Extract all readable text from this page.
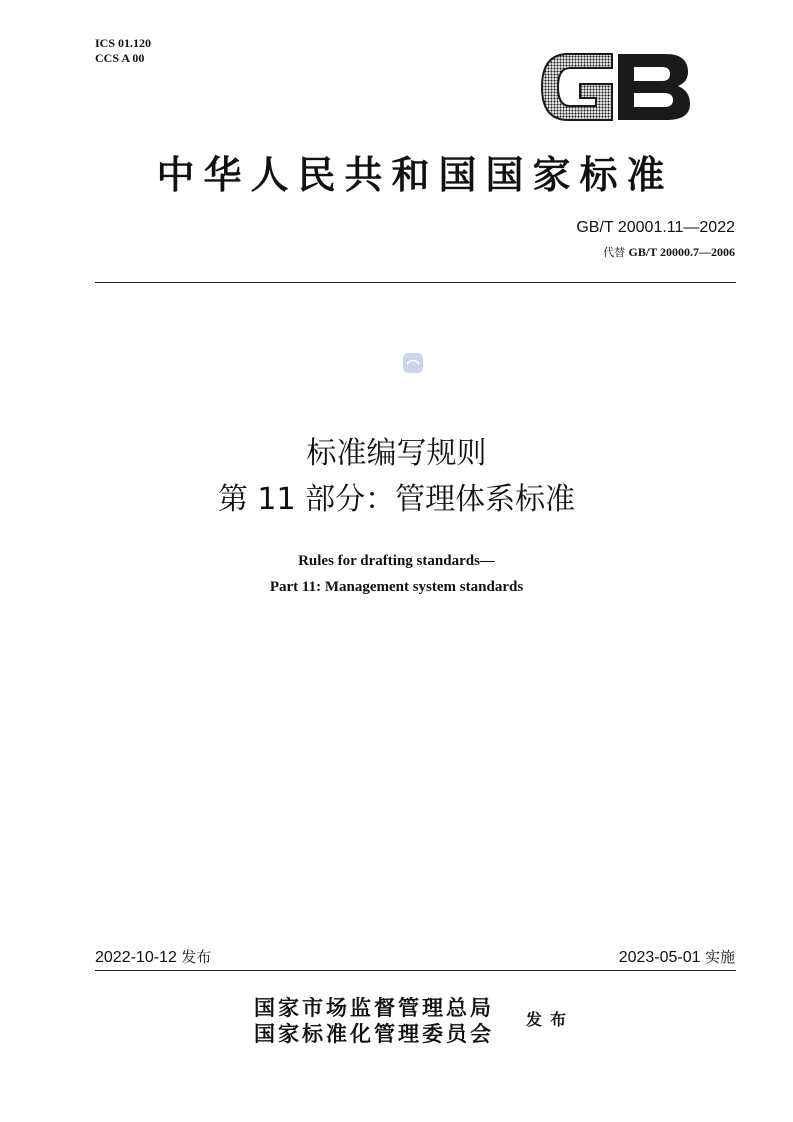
ICS 01.120
CCS A 00
中华人民共和国国家标准
GB/T 20001.11—2022
代替 GB/T 20000.7—2006
标准编写规则
第 11 部分：管理体系标准
Rules for drafting standards—
Part 11: Management system standards
2022-10-12 发布	2023-05-01 实施
国家市场监督管理总局
国家标准化管理委员会
发布
